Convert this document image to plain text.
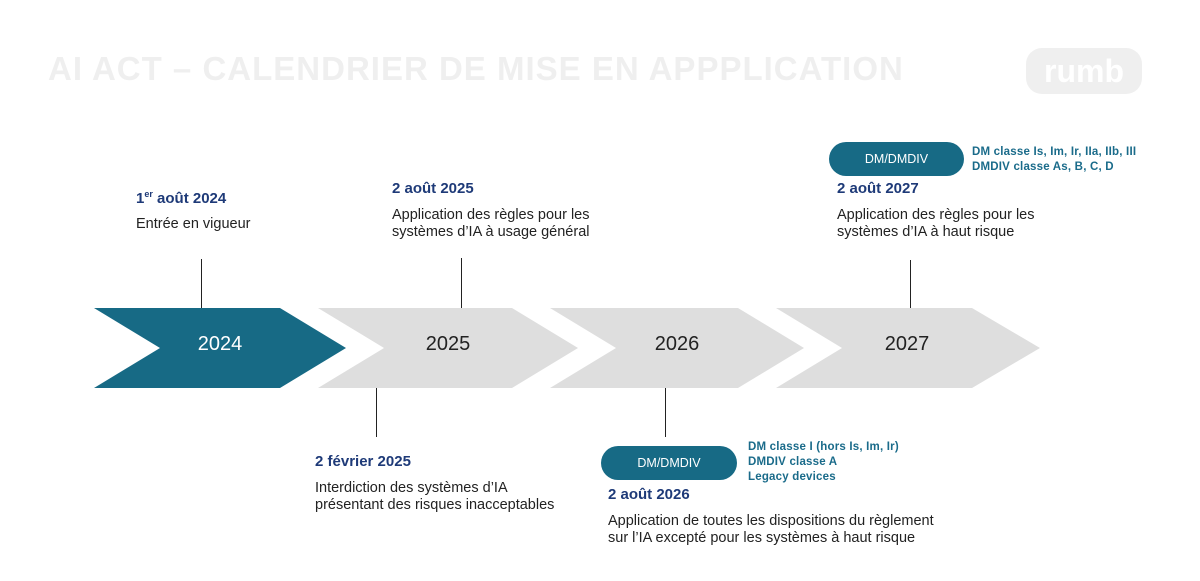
AI ACT – CALENDRIER DE MISE EN APPPLICATION	rumb
2024	2025	2026	2027
1er août 2024
Entrée en vigueur
2 août 2025
Application des règles pour les
systèmes d’IA à usage général
2 février 2025
Interdiction des systèmes d’IA
présentant des risques inacceptables
DM/DMDIV
DM classe I (hors Is, Im, Ir)
DMDIV classe A
Legacy devices
2 août 2026
Application de toutes les dispositions du règlement
sur l’IA excepté pour les systèmes à haut risque
DM/DMDIV	DM classe Is, Im, Ir, IIa, IIb, III
DMDIV classe As, B, C, D
2 août 2027
Application des règles pour les
systèmes d’IA à haut risque
